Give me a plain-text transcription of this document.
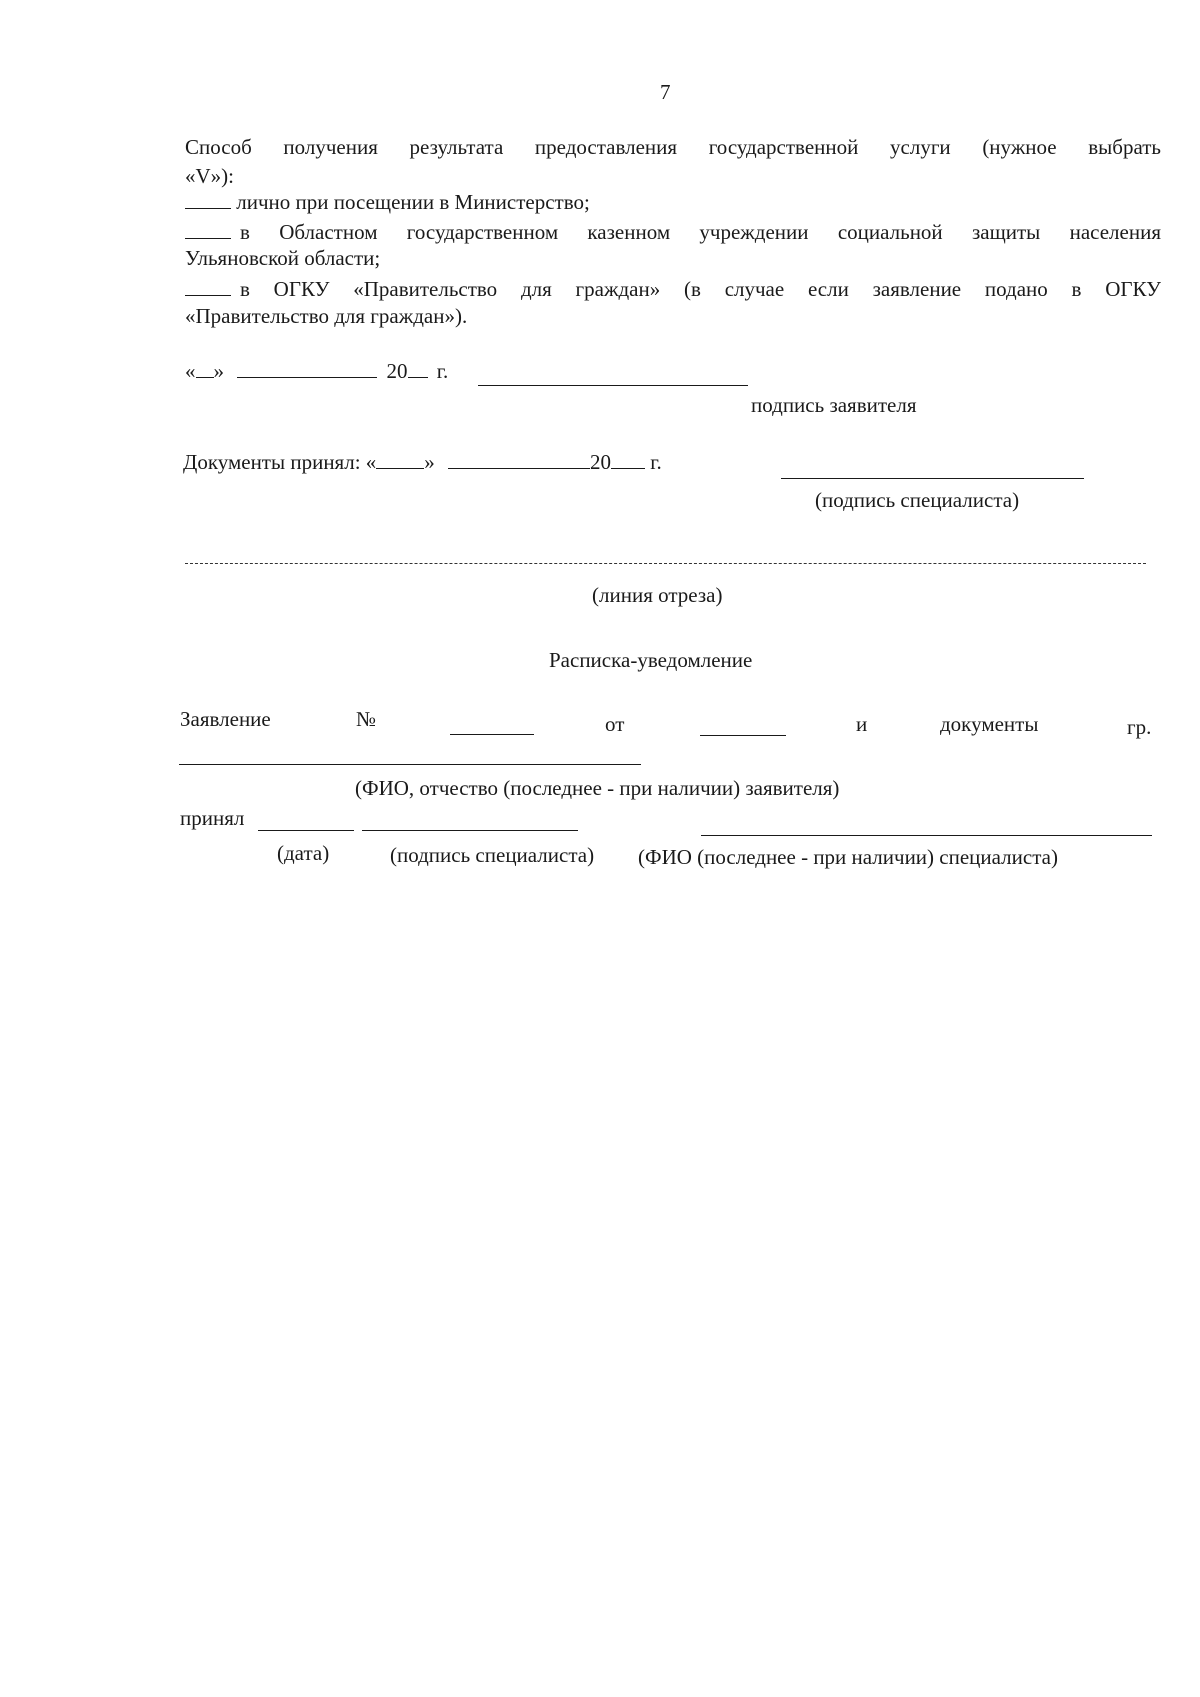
7
Способ получения результата предоставления государственной услуги (нужное выбрать
«V»):
лично при посещении в Министерство;
в Областном государственном казенном учреждении социальной защиты населения
Ульяновской области;
в ОГКУ «Правительство для граждан» (в случае если заявление подано в ОГКУ
«Правительство для граждан»).
« »	20 г.
подпись заявителя
Документы принял: « »	20 г.
(подпись специалиста)
(линия отреза)
Расписка-уведомление
Заявление	№	от	и	документы	гр.
(ФИО, отчество (последнее - при наличии) заявителя)
принял
(дата)	(подпись специалиста) (ФИО (последнее - при наличии) специалиста)
